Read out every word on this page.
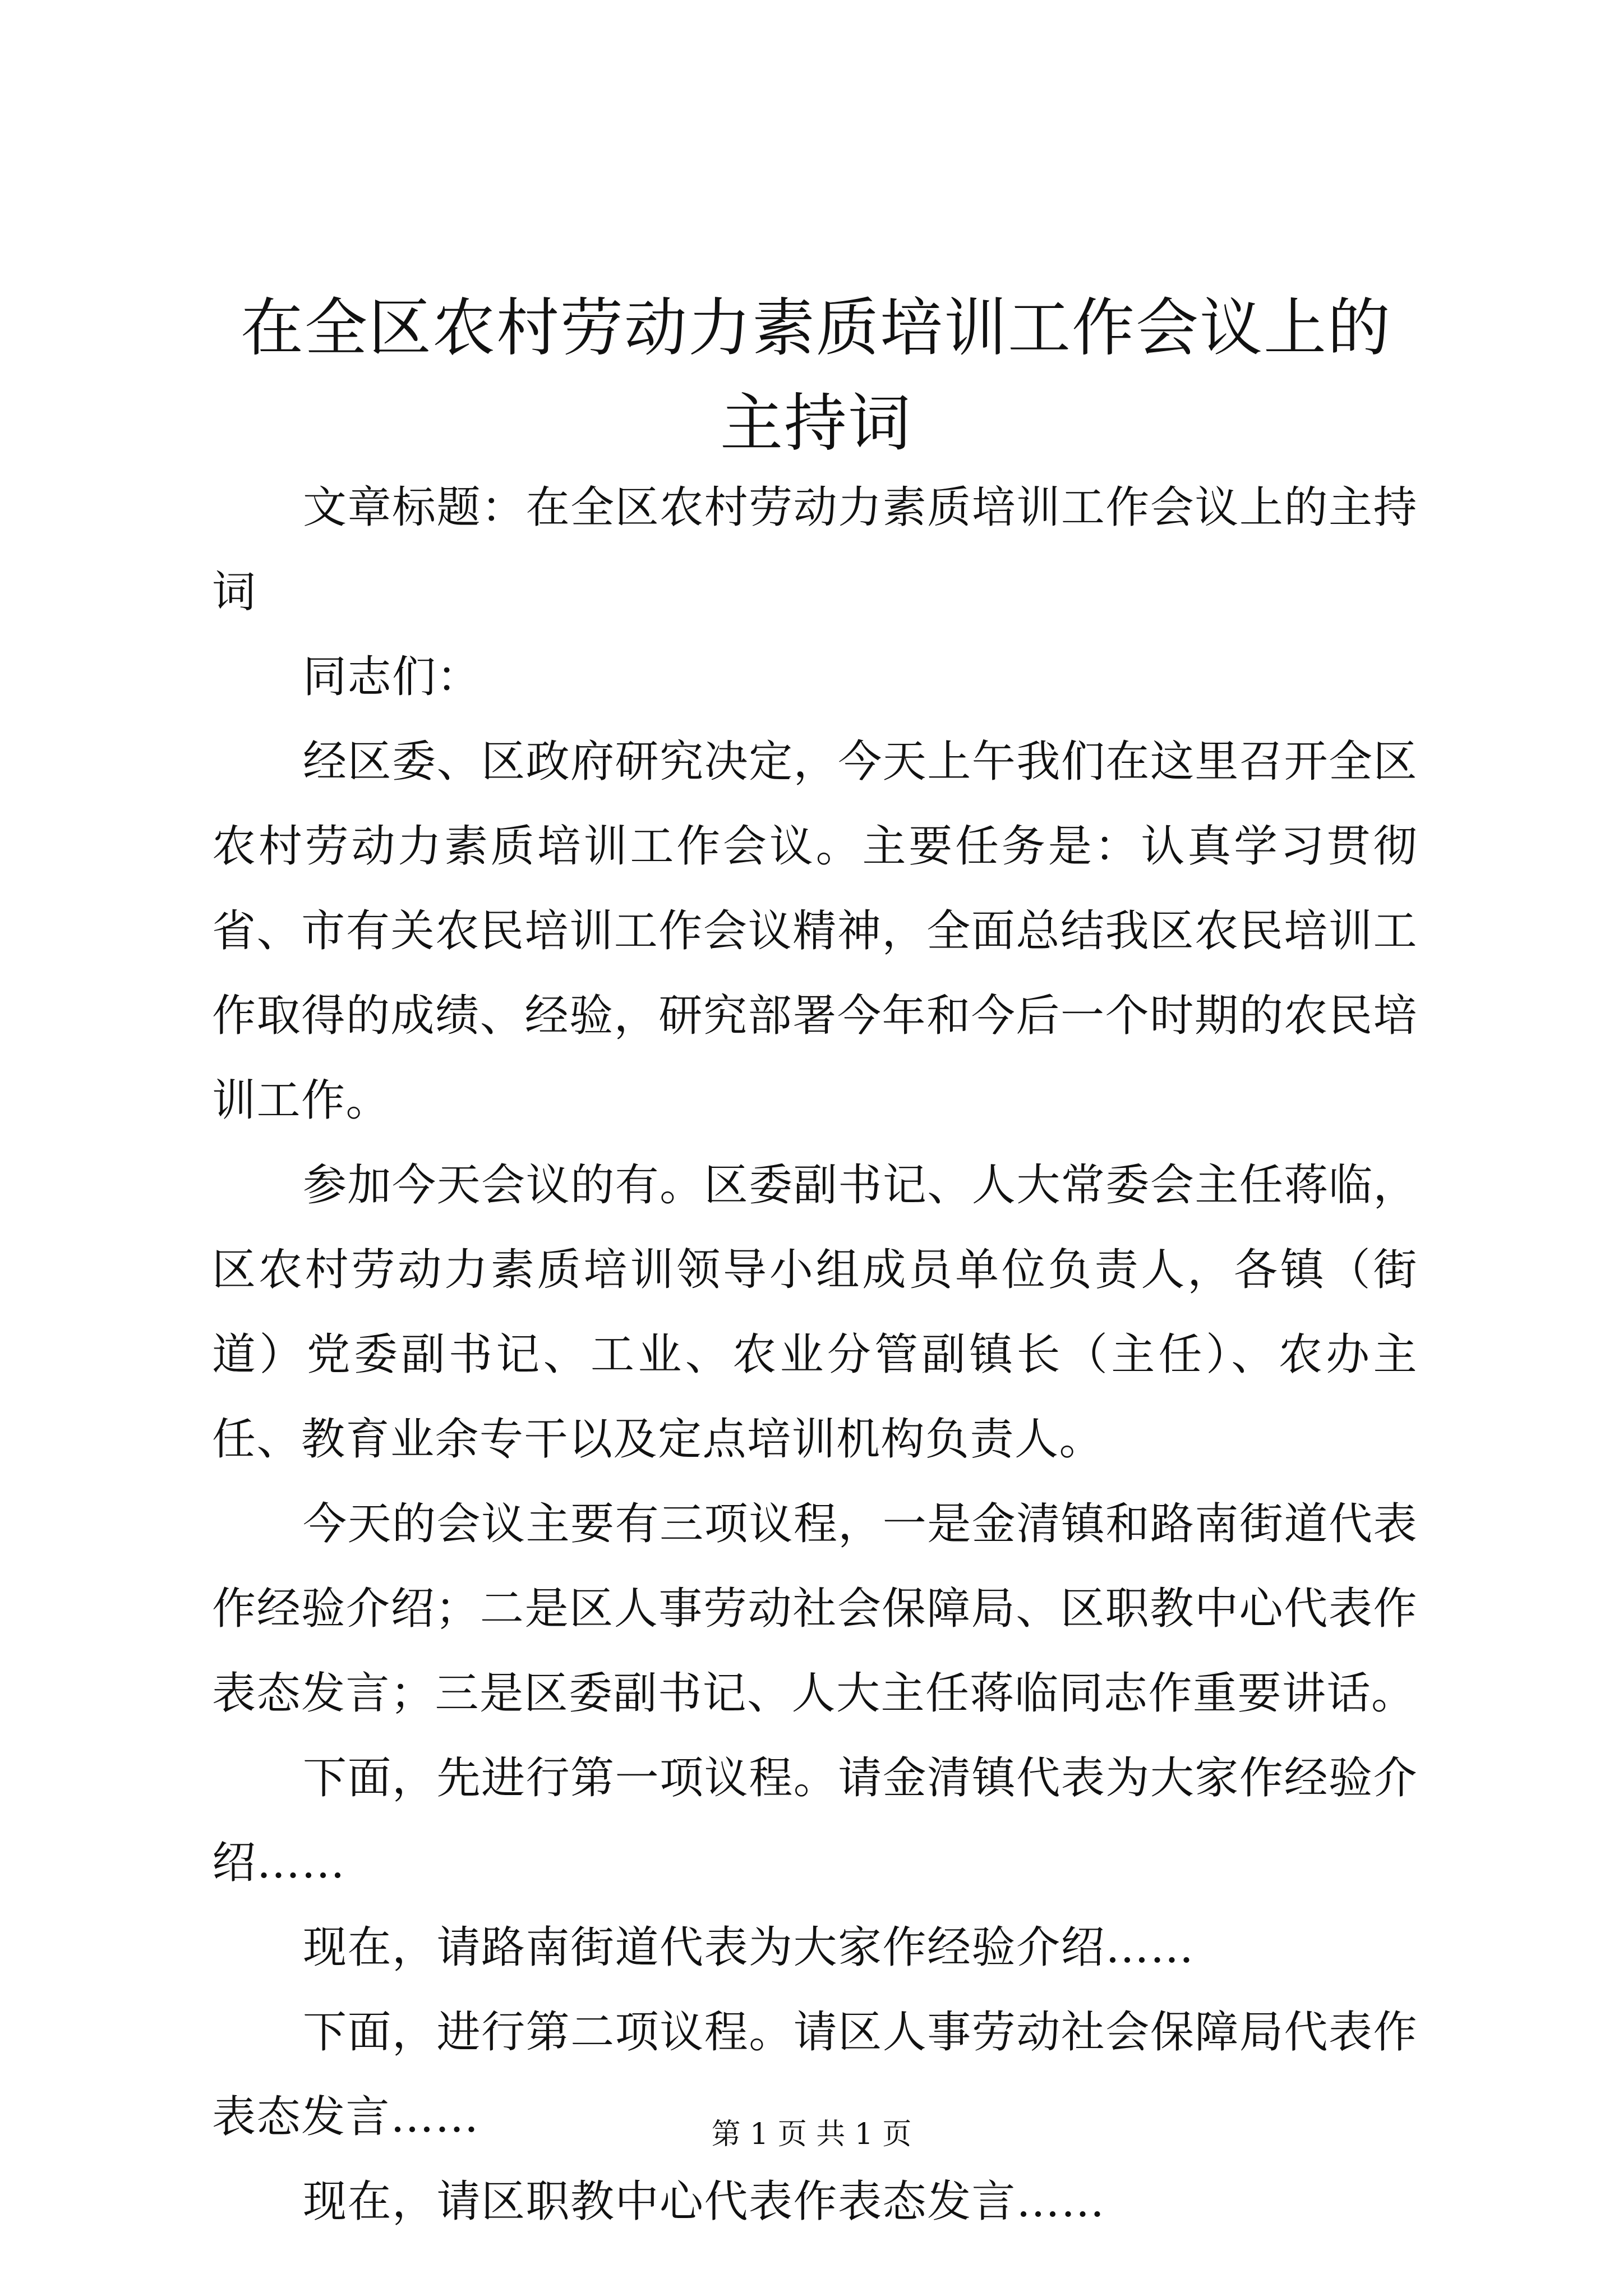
在全区农村劳动力素质培训工作会议上的主持词

文章标题：在全区农村劳动力素质培训工作会议上的主持词

同志们：

经区委、区政府研究决定，今天上午我们在这里召开全区农村劳动力素质培训工作会议。主要任务是：认真学习贯彻省、市有关农民培训工作会议精神，全面总结我区农民培训工作取得的成绩、经验，研究部署今年和今后一个时期的农民培训工作。

参加今天会议的有。区委副书记、人大常委会主任蒋临，区农村劳动力素质培训领导小组成员单位负责人，各镇（街道）党委副书记、工业、农业分管副镇长（主任）、农办主任、教育业余专干以及定点培训机构负责人。

今天的会议主要有三项议程，一是金清镇和路南街道代表作经验介绍；二是区人事劳动社会保障局、区职教中心代表作表态发言；三是区委副书记、人大主任蒋临同志作重要讲话。

下面，先进行第一项议程。请金清镇代表为大家作经验介绍……

现在，请路南街道代表为大家作经验介绍……

下面，进行第二项议程。请区人事劳动社会保障局代表作表态发言……

现在，请区职教中心代表作表态发言……

第 1 页 共 1 页
